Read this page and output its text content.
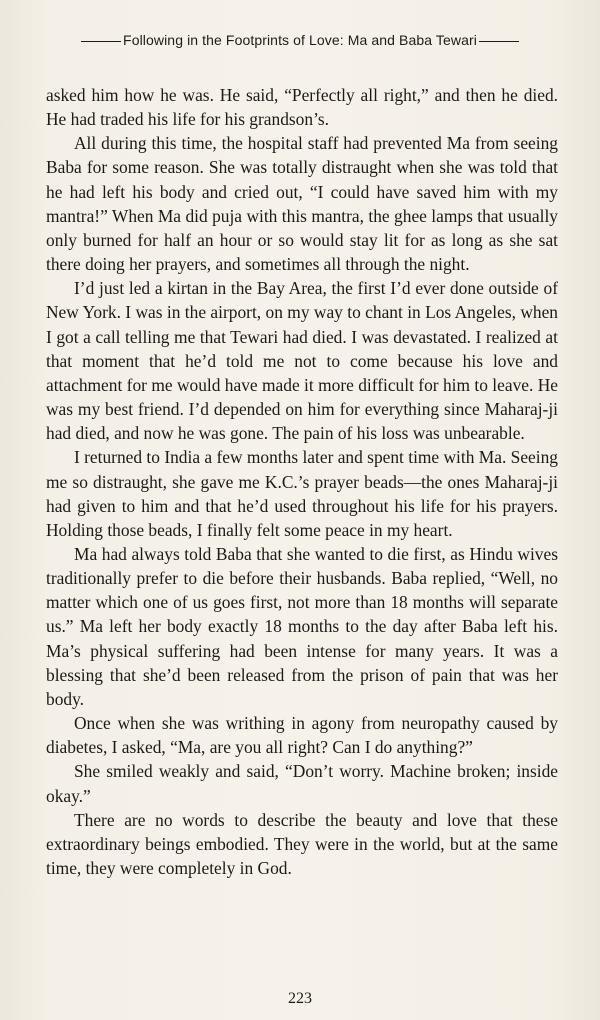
Following in the Footprints of Love: Ma and Baba Tewari

asked him how he was. He said, “Perfectly all right,” and then he died. He had traded his life for his grandson’s.

All during this time, the hospital staff had prevented Ma from seeing Baba for some reason. She was totally distraught when she was told that he had left his body and cried out, “I could have saved him with my mantra!” When Ma did puja with this mantra, the ghee lamps that usually only burned for half an hour or so would stay lit for as long as she sat there doing her prayers, and sometimes all through the night.

I’d just led a kirtan in the Bay Area, the first I’d ever done outside of New York. I was in the airport, on my way to chant in Los Angeles, when I got a call telling me that Tewari had died. I was devastated. I realized at that moment that he’d told me not to come because his love and attachment for me would have made it more difficult for him to leave. He was my best friend. I’d depended on him for everything since Maharaj-ji had died, and now he was gone. The pain of his loss was unbearable.

I returned to India a few months later and spent time with Ma. Seeing me so distraught, she gave me K.C.’s prayer beads—the ones Maharaj-ji had given to him and that he’d used throughout his life for his prayers. Holding those beads, I finally felt some peace in my heart.

Ma had always told Baba that she wanted to die first, as Hindu wives traditionally prefer to die before their husbands. Baba replied, “Well, no matter which one of us goes first, not more than 18 months will separate us.” Ma left her body exactly 18 months to the day after Baba left his. Ma’s physical suffering had been intense for many years. It was a blessing that she’d been released from the prison of pain that was her body.

Once when she was writhing in agony from neuropathy caused by diabetes, I asked, “Ma, are you all right? Can I do anything?”

She smiled weakly and said, “Don’t worry. Machine broken; inside okay.”

There are no words to describe the beauty and love that these extraordinary beings embodied. They were in the world, but at the same time, they were completely in God.

223
